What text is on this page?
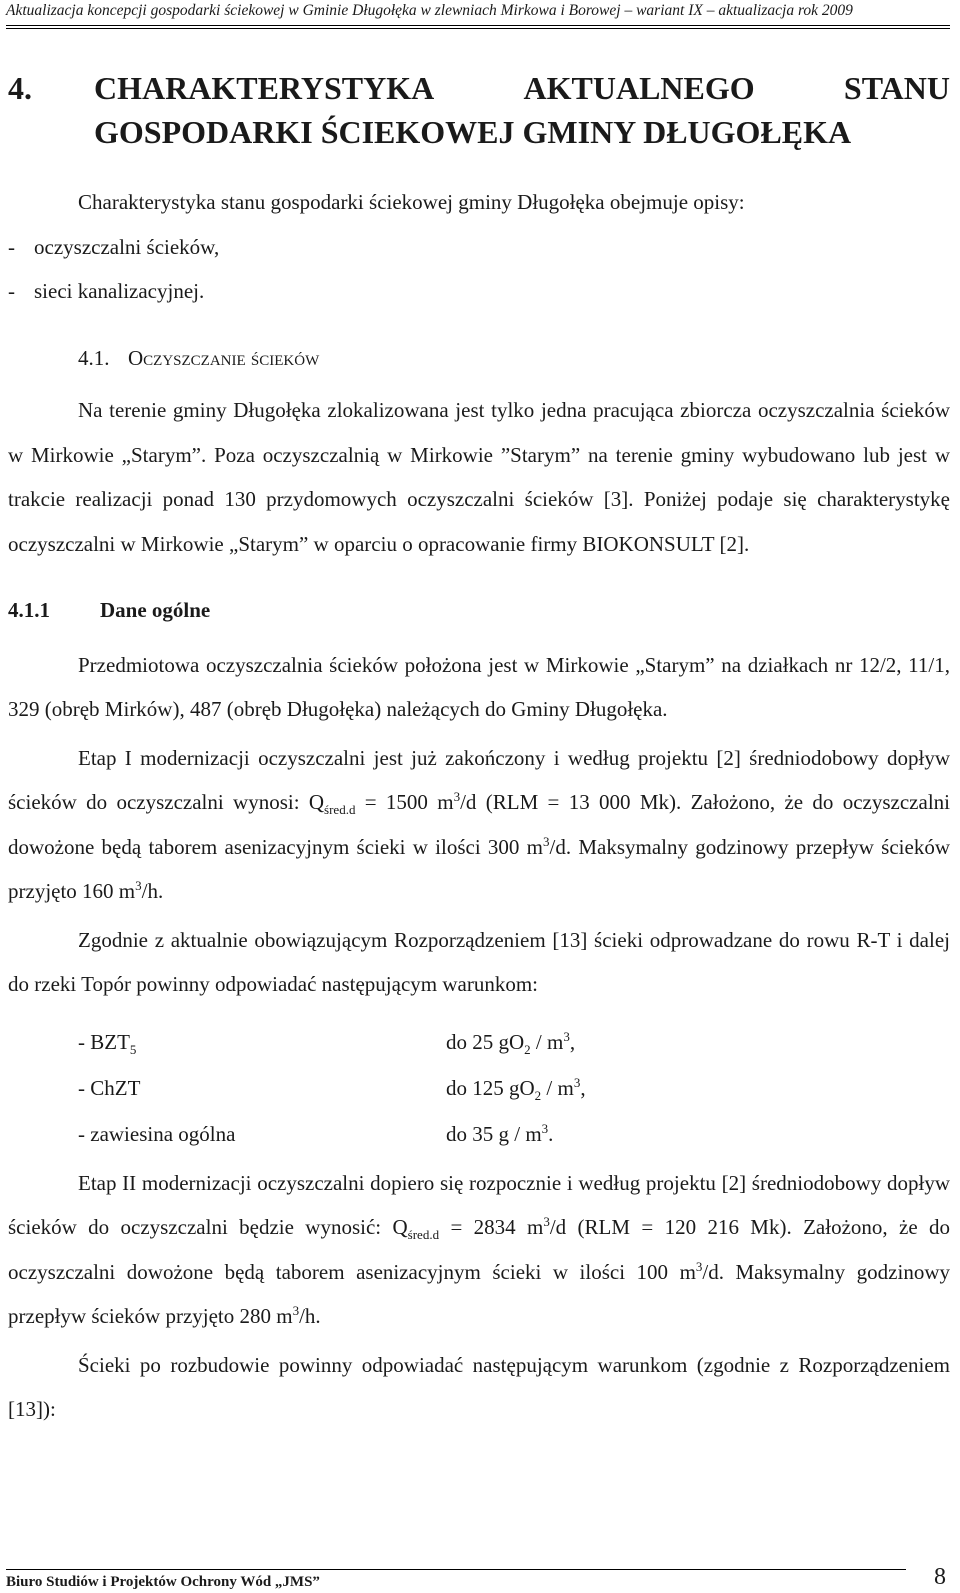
Aktualizacja koncepcji gospodarki ściekowej w Gminie Długołęka w zlewniach Mirkowa i Borowej – wariant IX – aktualizacja rok 2009
4.	CHARAKTERYSTYKA	AKTUALNEGO	STANU
GOSPODARKI ŚCIEKOWEJ GMINY DŁUGOŁĘKA

Charakterystyka stanu gospodarki ściekowej gminy Długołęka obejmuje opisy:

- oczyszczalni ścieków,
- sieci kanalizacyjnej.
4.1. Oczyszczanie ścieków

Na terenie gminy Długołęka zlokalizowana jest tylko jedna pracująca zbiorcza oczyszczalnia ścieków w Mirkowie „Starym”. Poza oczyszczalnią w Mirkowie ”Starym” na terenie gminy wybudowano lub jest w trakcie realizacji ponad 130 przydomowych oczyszczalni ścieków [3]. Poniżej podaje się charakterystykę oczyszczalni w Mirkowie „Starym” w oparciu o opracowanie firmy BIOKONSULT [2].

4.1.1	Dane ogólne

Przedmiotowa oczyszczalnia ścieków położona jest w Mirkowie „Starym” na działkach nr 12/2, 11/1, 329 (obręb Mirków), 487 (obręb Długołęka) należących do Gminy Długołęka.

Etap I modernizacji oczyszczalni jest już zakończony i według projektu [2] średniodobowy dopływ ścieków do oczyszczalni wynosi: $Q_{śred.d} = 1500$ $m^3/d$ (RLM = 13 000 Mk). Założono, że do oczyszczalni dowożone będą taborem asenizacyjnym ścieki w ilości 300 $m^3/d$. Maksymalny godzinowy przepływ ścieków przyjęto 160 $m^3/h$.

Zgodnie z aktualnie obowiązującym Rozporządzeniem [13] ścieki odprowadzane do rowu R-T i dalej do rzeki Topór powinny odpowiadać następującym warunkom:

- $BZT_5$	do 25 $gO_2 / m^3$,
- ChZT	do 125 $gO_2 / m^3$,
- zawiesina ogólna	do 35 g / $m^3$.

Etap II modernizacji oczyszczalni dopiero się rozpocznie i według projektu [2] średniodobowy dopływ ścieków do oczyszczalni będzie wynosić: $Q_{śred.d} = 2834$ $m^3/d$ (RLM = 120 216 Mk). Założono, że do oczyszczalni dowożone będą taborem asenizacyjnym ścieki w ilości 100 $m^3/d$. Maksymalny godzinowy przepływ ścieków przyjęto 280 $m^3/h$.

Ścieki po rozbudowie powinny odpowiadać następującym warunkom (zgodnie z Rozporządzeniem [13]):

Biuro Studiów i Projektów Ochrony Wód „JMS”	8
